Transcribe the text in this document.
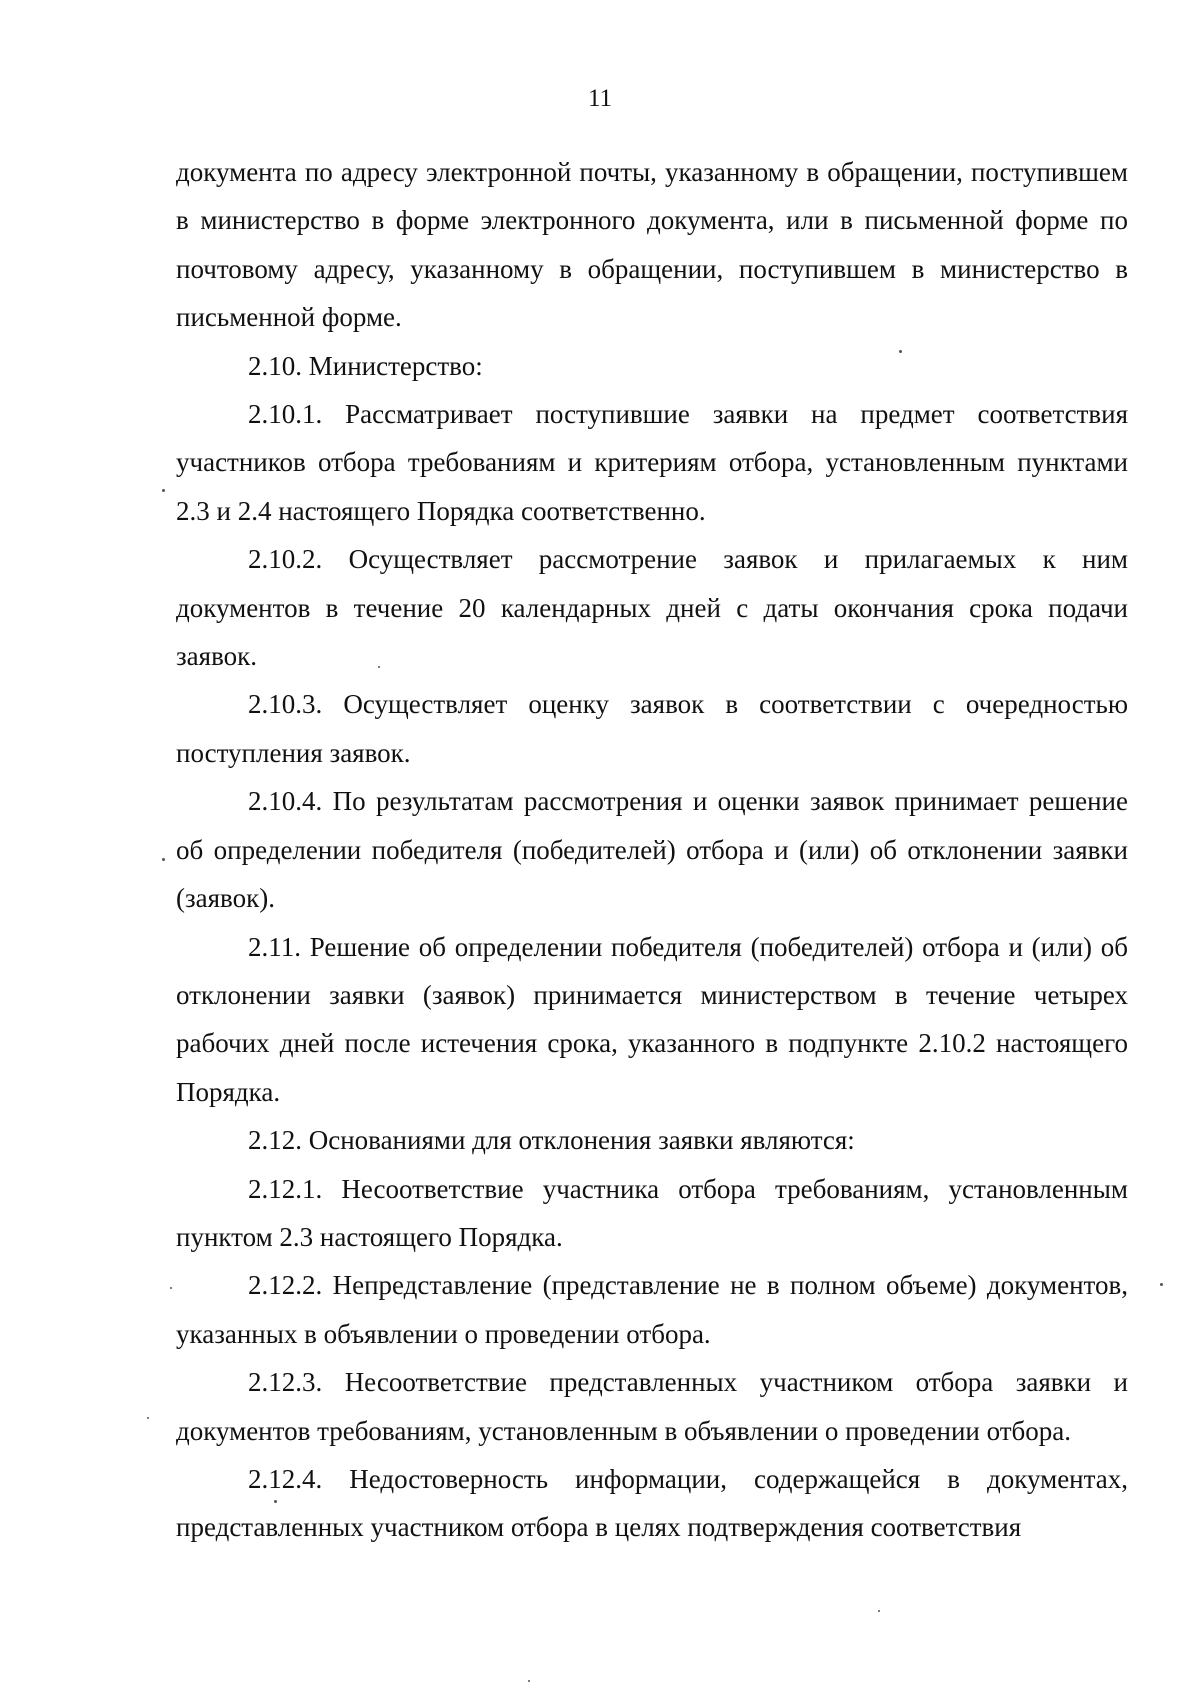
11

документа по адресу электронной почты, указанному в обращении, поступившем в министерство в форме электронного документа, или в письменной форме по почтовому адресу, указанному в обращении, поступившем в министерство в письменной форме.

2.10. Министерство:

2.10.1. Рассматривает поступившие заявки на предмет соответствия участников отбора требованиям и критериям отбора, установленным пунктами 2.3 и 2.4 настоящего Порядка соответственно.

2.10.2. Осуществляет рассмотрение заявок и прилагаемых к ним документов в течение 20 календарных дней с даты окончания срока подачи заявок.

2.10.3. Осуществляет оценку заявок в соответствии с очередностью поступления заявок.

2.10.4. По результатам рассмотрения и оценки заявок принимает решение об определении победителя (победителей) отбора и (или) об отклонении заявки (заявок).

2.11. Решение об определении победителя (победителей) отбора и (или) об отклонении заявки (заявок) принимается министерством в течение четырех рабочих дней после истечения срока, указанного в подпункте 2.10.2 настоящего Порядка.

2.12. Основаниями для отклонения заявки являются:

2.12.1. Несоответствие участника отбора требованиям, установленным пунктом 2.3 настоящего Порядка.

2.12.2. Непредставление (представление не в полном объеме) документов, указанных в объявлении о проведении отбора.

2.12.3. Несоответствие представленных участником отбора заявки и документов требованиям, установленным в объявлении о проведении отбора.

2.12.4. Недостоверность информации, содержащейся в документах, представленных участником отбора в целях подтверждения соответствия
